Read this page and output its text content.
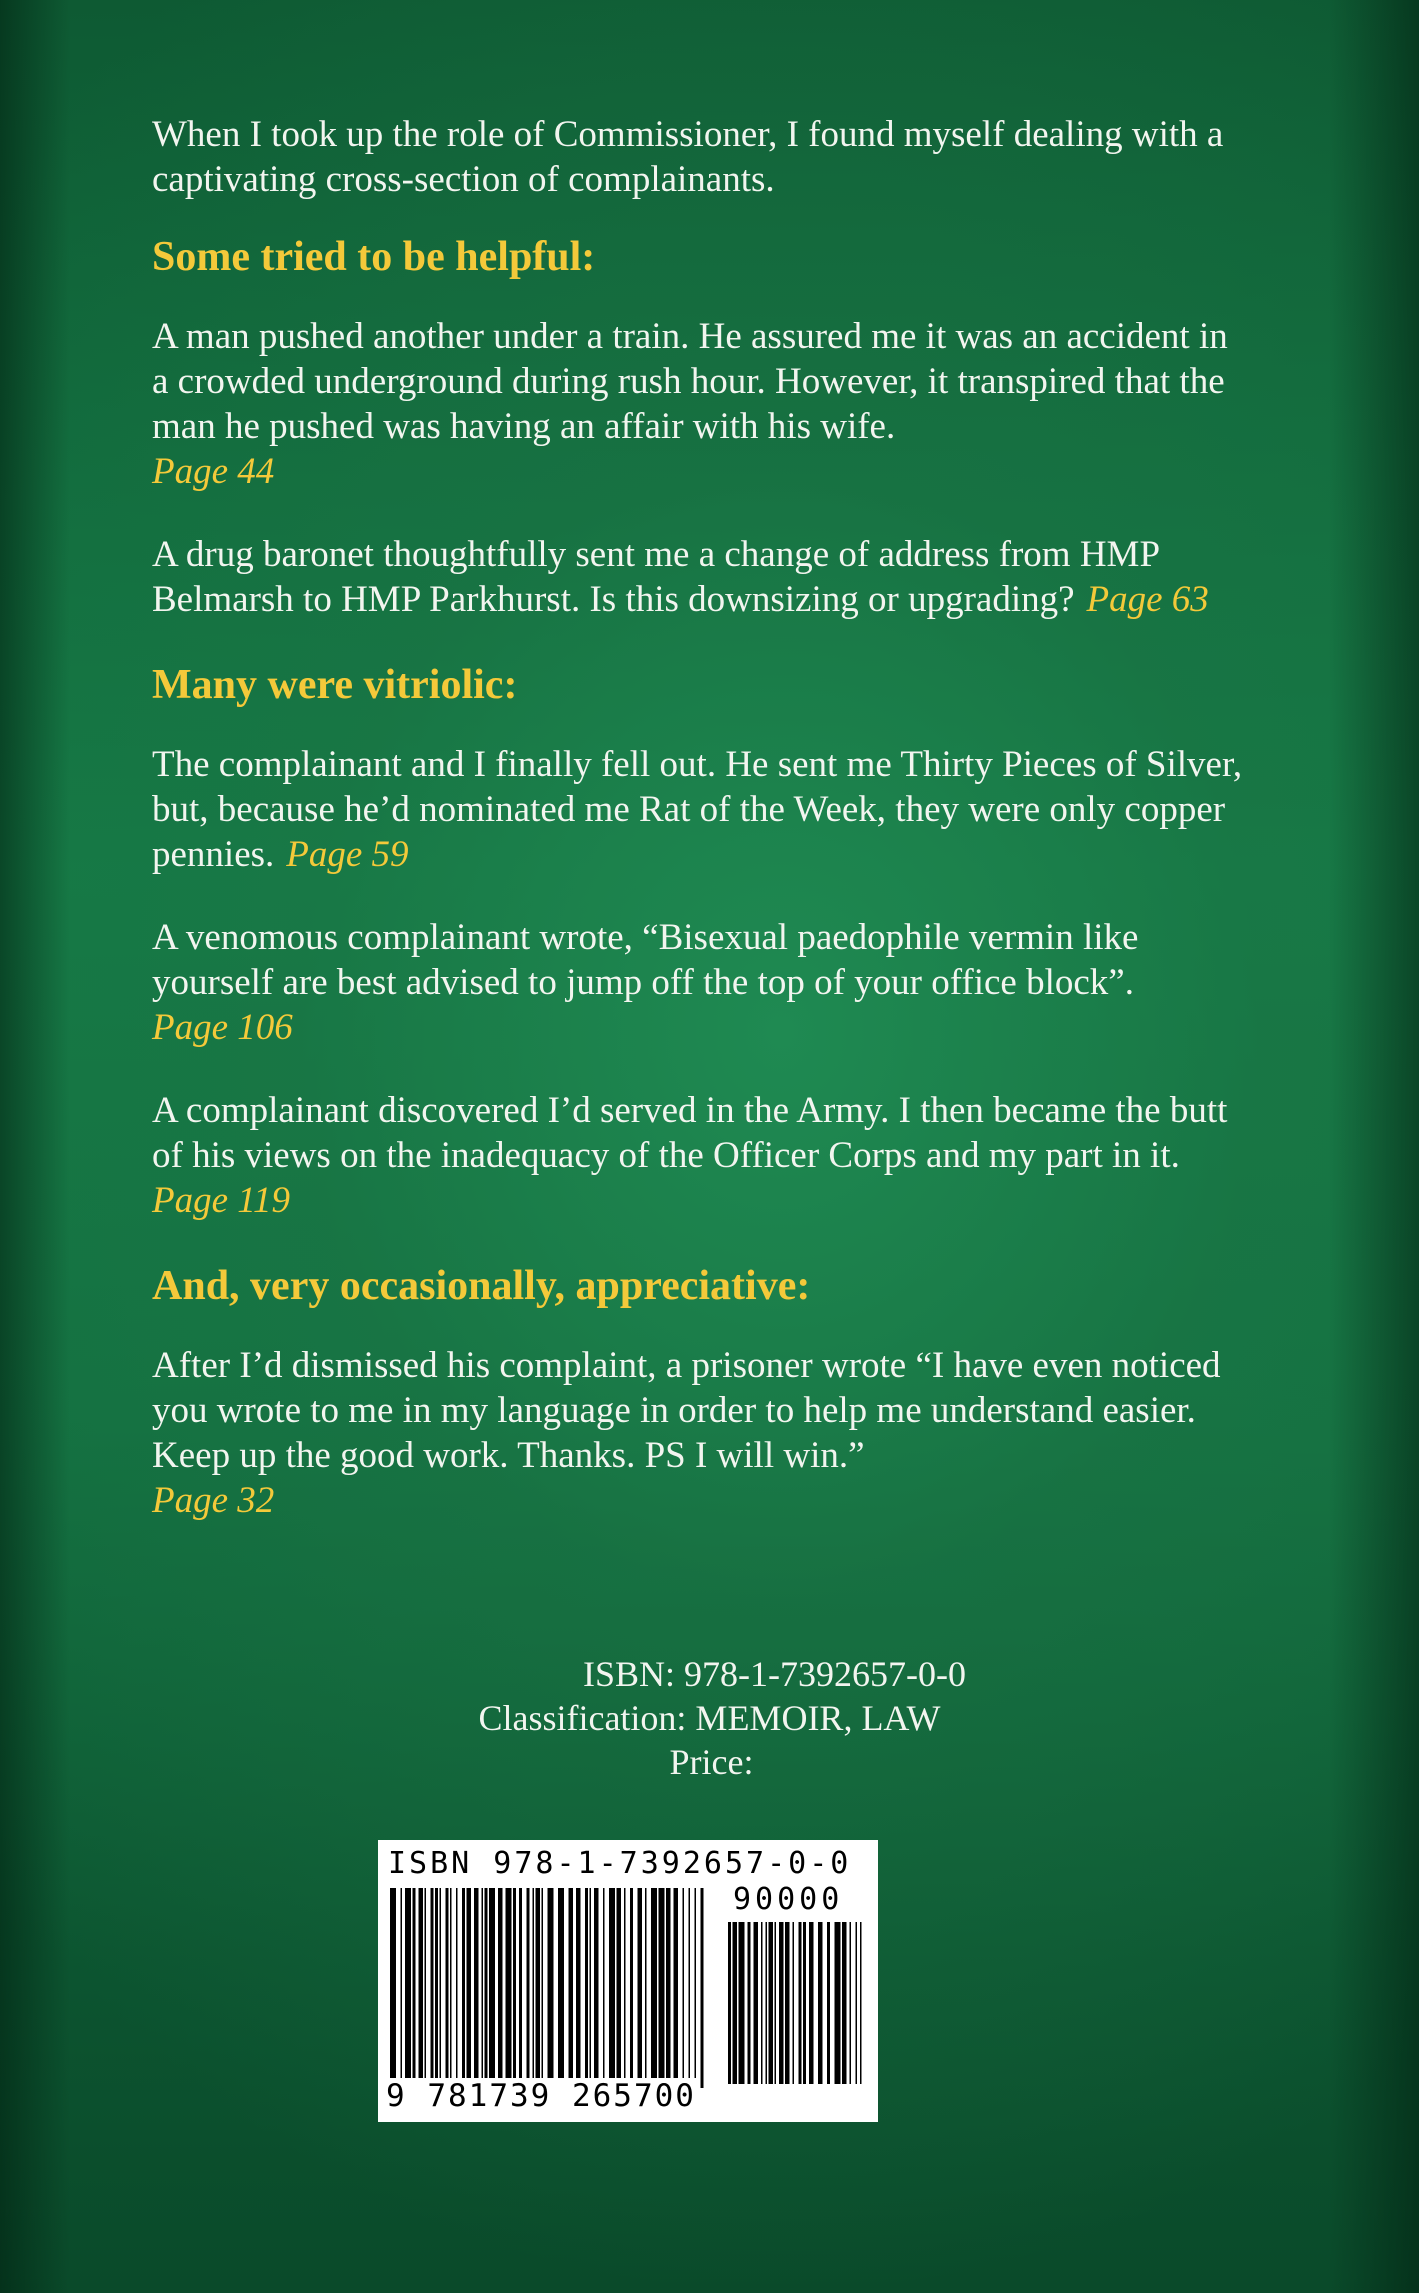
When I took up the role of Commissioner, I found myself dealing with a captivating cross-section of complainants.

Some tried to be helpful:

A man pushed another under a train. He assured me it was an accident in a crowded underground during rush hour. However, it transpired that the man he pushed was having an affair with his wife.
Page 44

A drug baronet thoughtfully sent me a change of address from HMP Belmarsh to HMP Parkhurst. Is this downsizing or upgrading? Page 63

Many were vitriolic:

The complainant and I finally fell out. He sent me Thirty Pieces of Silver, but, because he’d nominated me Rat of the Week, they were only copper pennies. Page 59

A venomous complainant wrote, “Bisexual paedophile vermin like yourself are best advised to jump off the top of your office block”.
Page 106

A complainant discovered I’d served in the Army. I then became the butt of his views on the inadequacy of the Officer Corps and my part in it.
Page 119

And, very occasionally, appreciative:

After I’d dismissed his complaint, a prisoner wrote “I have even noticed you wrote to me in my language in order to help me understand easier. Keep up the good work. Thanks. PS I will win.”
Page 32

ISBN: 978-1-7392657-0-0
Classification: MEMOIR, LAW
Price:
ISBN 978-1-7392657-0-0
90000
9 781739 265700
